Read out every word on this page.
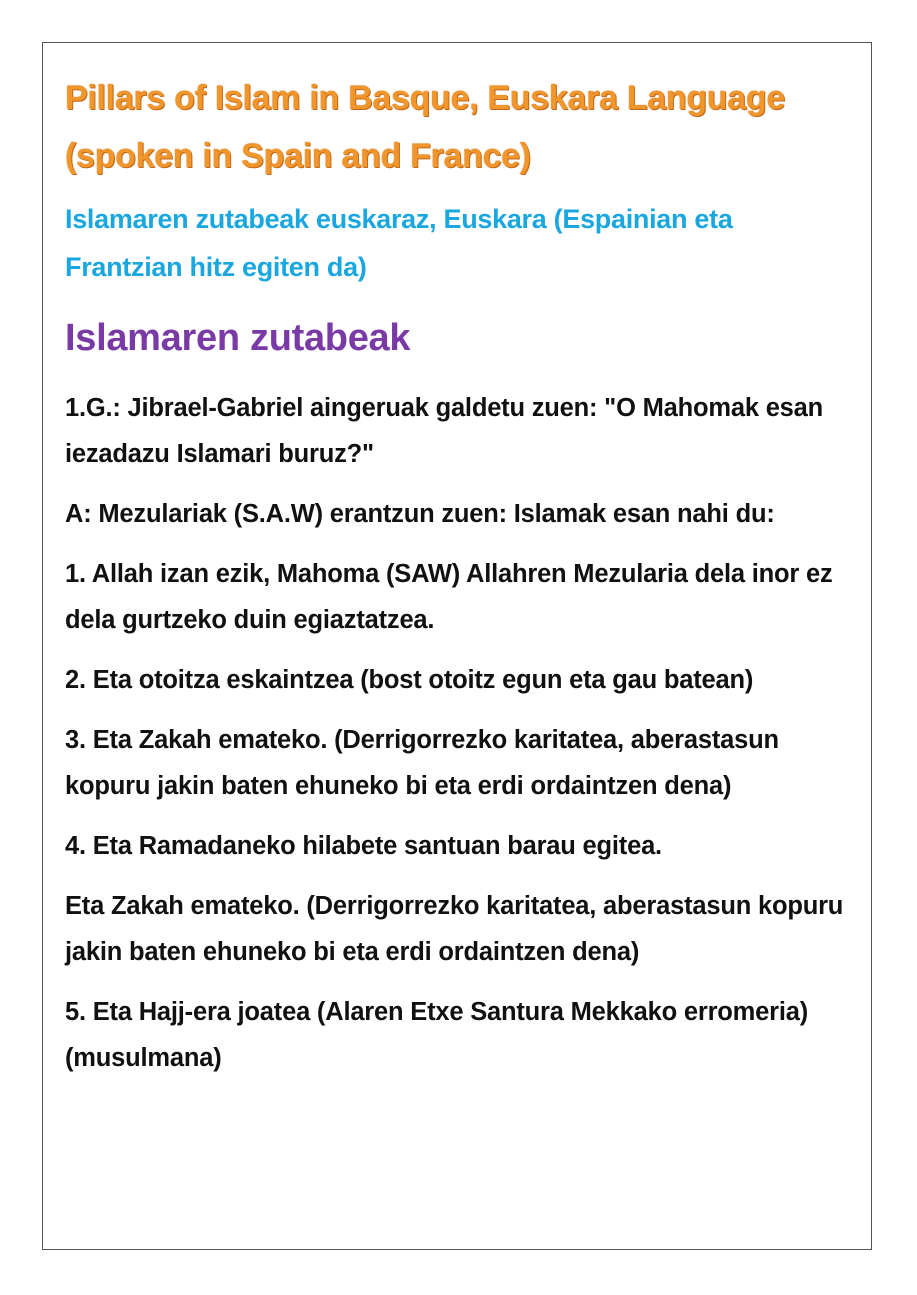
Pillars of Islam in Basque, Euskara Language (spoken in Spain and France)

Islamaren zutabeak euskaraz, Euskara (Espainian eta Frantzian hitz egiten da)

Islamaren zutabeak

1.G.: Jibrael-Gabriel aingeruak galdetu zuen: "O Mahomak esan iezadazu Islamari buruz?"

A: Mezulariak (S.A.W) erantzun zuen: Islamak esan nahi du:

1. Allah izan ezik, Mahoma (SAW) Allahren Mezularia dela inor ez dela gurtzeko duin egiaztatzea.

2. Eta otoitza eskaintzea (bost otoitz egun eta gau batean)

3. Eta Zakah emateko. (Derrigorrezko karitatea, aberastasun kopuru jakin baten ehuneko bi eta erdi ordaintzen dena)

4. Eta Ramadaneko hilabete santuan barau egitea.

Eta Zakah emateko. (Derrigorrezko karitatea, aberastasun kopuru jakin baten ehuneko bi eta erdi ordaintzen dena)

5. Eta Hajj-era joatea (Alaren Etxe Santura Mekkako erromeria) (musulmana)
